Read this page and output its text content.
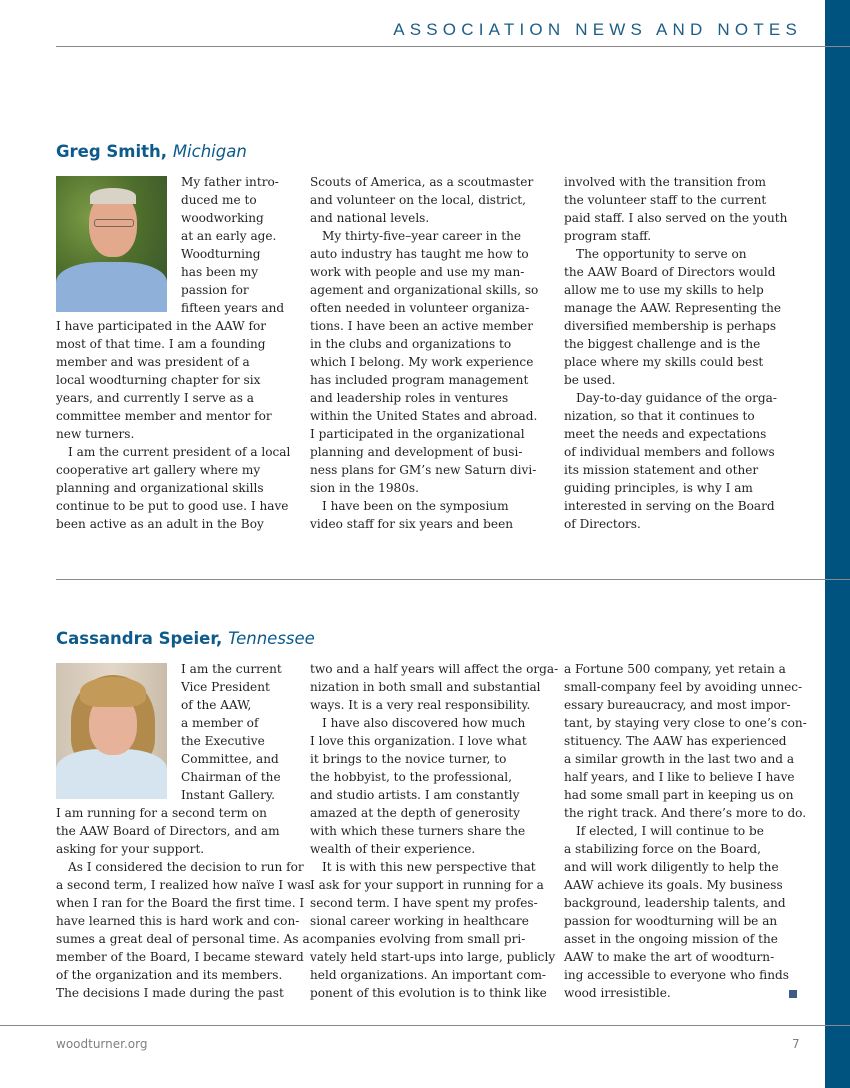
ASSOCIATION NEWS AND NOTES
Greg Smith, Michigan
My father intro-
duced me to
woodworking
at an early age.
Woodturning
has been my
passion for
fifteen years and
I have participated in the AAW for
most of that time. I am a founding
member and was president of a
local woodturning chapter for six
years, and currently I serve as a
committee member and mentor for
new turners.
I am the current president of a local
cooperative art gallery where my
planning and organizational skills
continue to be put to good use. I have
been active as an adult in the Boy
Scouts of America, as a scoutmaster
and volunteer on the local, district,
and national levels.
My thirty-five–year career in the
auto industry has taught me how to
work with people and use my man-
agement and organizational skills, so
often needed in volunteer organiza-
tions. I have been an active member
in the clubs and organizations to
which I belong. My work experience
has included program management
and leadership roles in ventures
within the United States and abroad.
I participated in the organizational
planning and development of busi-
ness plans for GM’s new Saturn divi-
sion in the 1980s.
I have been on the symposium
video staff for six years and been
involved with the transition from
the volunteer staff to the current
paid staff. I also served on the youth
program staff.
The opportunity to serve on
the AAW Board of Directors would
allow me to use my skills to help
manage the AAW. Representing the
diversified membership is perhaps
the biggest challenge and is the
place where my skills could best
be used.
Day-to-day guidance of the orga-
nization, so that it continues to
meet the needs and expectations
of individual members and follows
its mission statement and other
guiding principles, is why I am
interested in serving on the Board
of Directors.
Cassandra Speier, Tennessee
I am the current
Vice President
of the AAW,
a member of
the Executive
Committee, and
Chairman of the
Instant Gallery.
I am running for a second term on
the AAW Board of Directors, and am
asking for your support.
As I considered the decision to run for
a second term, I realized how naïve I was
when I ran for the Board the first time. I
have learned this is hard work and con-
sumes a great deal of personal time. As a
member of the Board, I became steward
of the organization and its members.
The decisions I made during the past
two and a half years will affect the orga-
nization in both small and substantial
ways. It is a very real responsibility.
I have also discovered how much
I love this organization. I love what
it brings to the novice turner, to
the hobbyist, to the professional,
and studio artists. I am constantly
amazed at the depth of generosity
with which these turners share the
wealth of their experience.
It is with this new perspective that
I ask for your support in running for a
second term. I have spent my profes-
sional career working in healthcare
companies evolving from small pri-
vately held start-ups into large, publicly
held organizations. An important com-
ponent of this evolution is to think like
a Fortune 500 company, yet retain a
small-company feel by avoiding unnec-
essary bureaucracy, and most impor-
tant, by staying very close to one’s con-
stituency. The AAW has experienced
a similar growth in the last two and a
half years, and I like to believe I have
had some small part in keeping us on
the right track. And there’s more to do.
If elected, I will continue to be
a stabilizing force on the Board,
and will work diligently to help the
AAW achieve its goals. My business
background, leadership talents, and
passion for woodturning will be an
asset in the ongoing mission of the
AAW to make the art of woodturn-
ing accessible to everyone who finds
wood irresistible.
woodturner.org	7
